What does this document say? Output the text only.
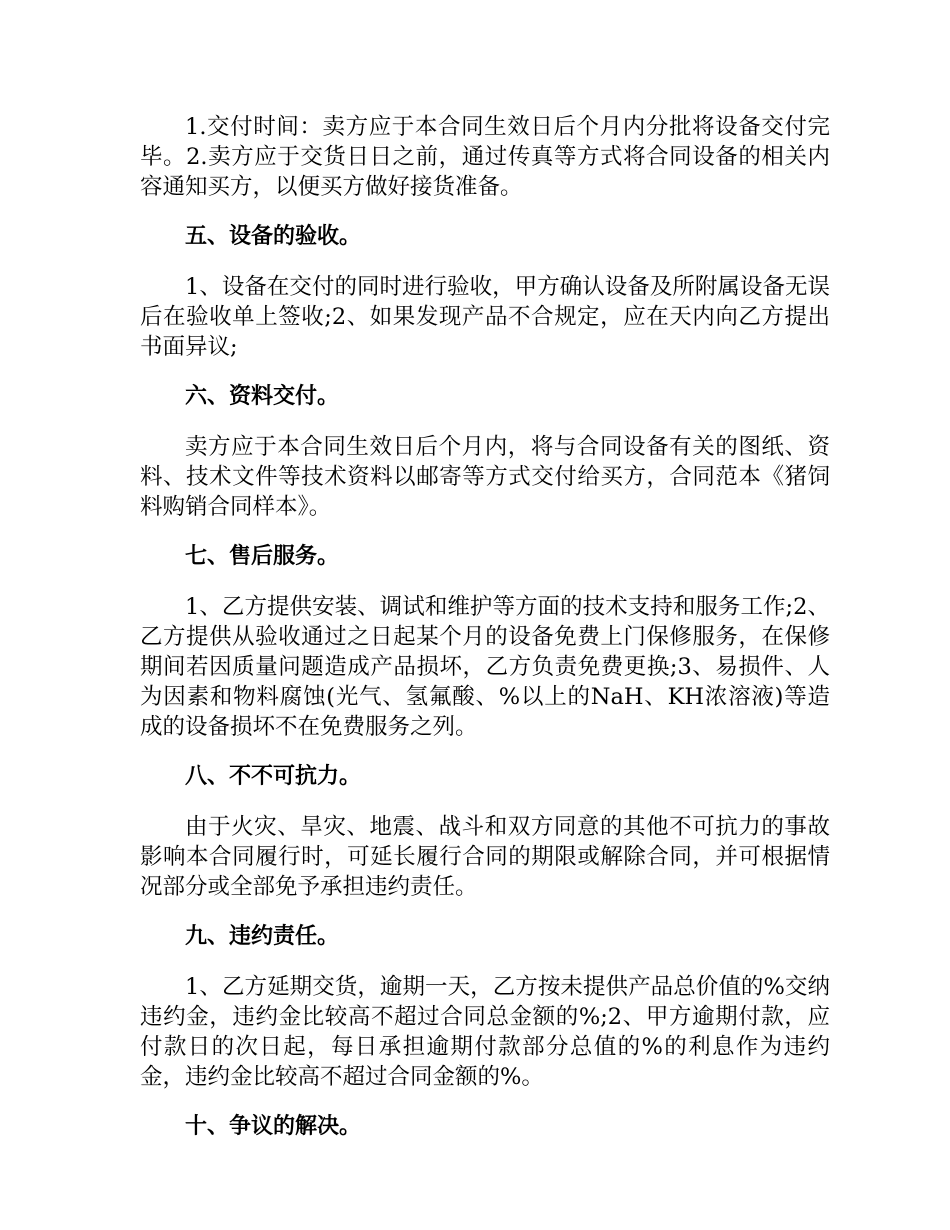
1.交付时间：卖方应于本合同生效日后个月内分批将设备交付完毕。2.卖方应于交货日日之前，通过传真等方式将合同设备的相关内容通知买方，以便买方做好接货准备。

五、设备的验收。

1、设备在交付的同时进行验收，甲方确认设备及所附属设备无误后在验收单上签收;2、如果发现产品不合规定，应在天内向乙方提出书面异议;

六、资料交付。

卖方应于本合同生效日后个月内，将与合同设备有关的图纸、资料、技术文件等技术资料以邮寄等方式交付给买方，合同范本《猪饲料购销合同样本》。

七、售后服务。

1、乙方提供安装、调试和维护等方面的技术支持和服务工作;2、乙方提供从验收通过之日起某个月的设备免费上门保修服务，在保修期间若因质量问题造成产品损坏，乙方负责免费更换;3、易损件、人为因素和物料腐蚀(光气、氢氟酸、%以上的NaH、KH浓溶液)等造成的设备损坏不在免费服务之列。

八、不不可抗力。

由于火灾、旱灾、地震、战斗和双方同意的其他不可抗力的事故影响本合同履行时，可延长履行合同的期限或解除合同，并可根据情况部分或全部免予承担违约责任。

九、违约责任。

1、乙方延期交货，逾期一天，乙方按未提供产品总价值的%交纳违约金，违约金比较高不超过合同总金额的%;2、甲方逾期付款，应付款日的次日起，每日承担逾期付款部分总值的%的利息作为违约金，违约金比较高不超过合同金额的%。

十、争议的解决。
